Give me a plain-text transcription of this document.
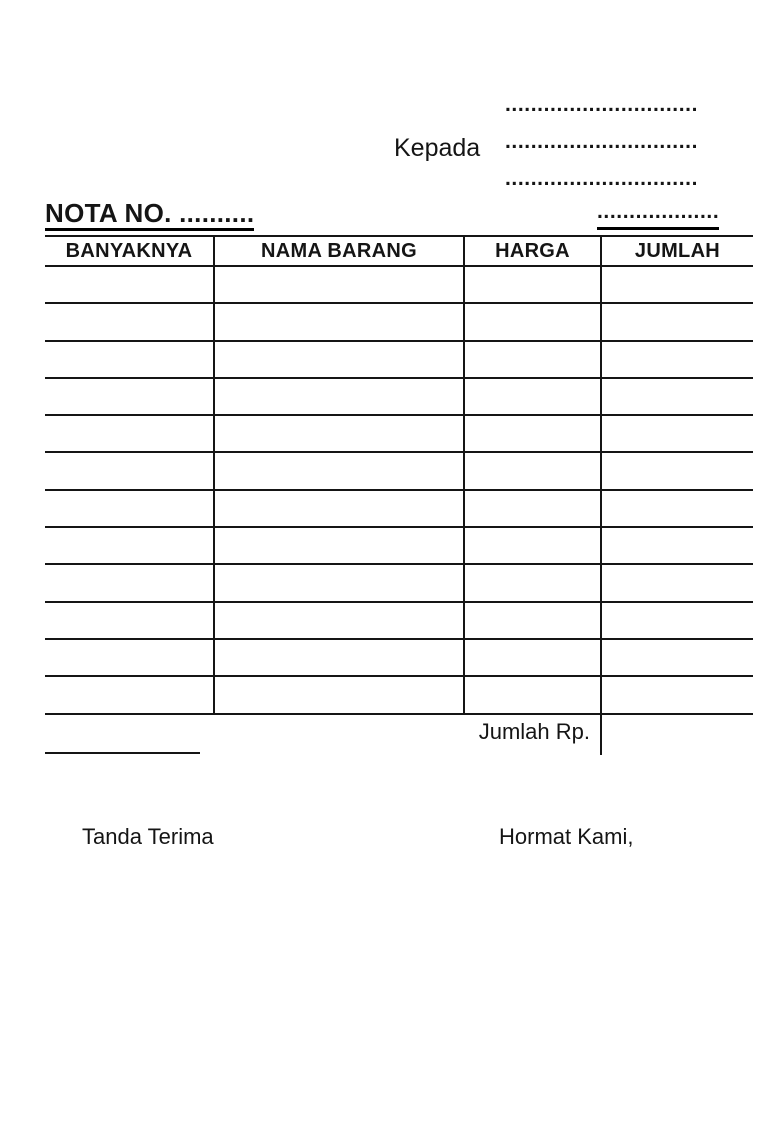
Kepada
..............................
..............................
..............................
NOTA NO. ..........	...................
BANYAKNYA	NAMA BARANG	HARGA	JUMLAH

Jumlah Rp.
Tanda Terima	Hormat Kami,
